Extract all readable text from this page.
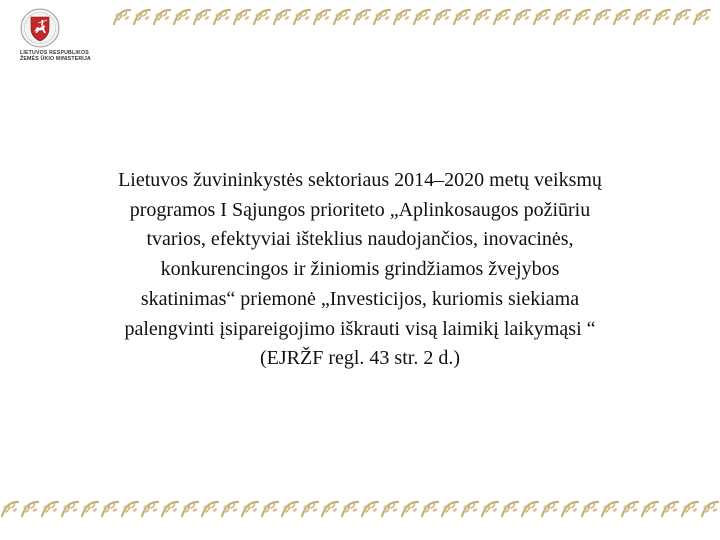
LIETUVOS RESPUBLIKOS
ŽEMĖS ŪKIO MINISTERIJA

Lietuvos žuvininkystės sektoriaus 2014–2020 metų veiksmų
programos I Sąjungos prioriteto „Aplinkosaugos požiūriu
tvarios, efektyviai išteklius naudojančios, inovacinės,
konkurencingos ir žiniomis grindžiamos žvejybos
skatinimas“ priemonė „Investicijos, kuriomis siekiama
palengvinti įsipareigojimo iškrauti visą laimikį laikymąsi “
(EJRŽF regl. 43 str. 2 d.)
